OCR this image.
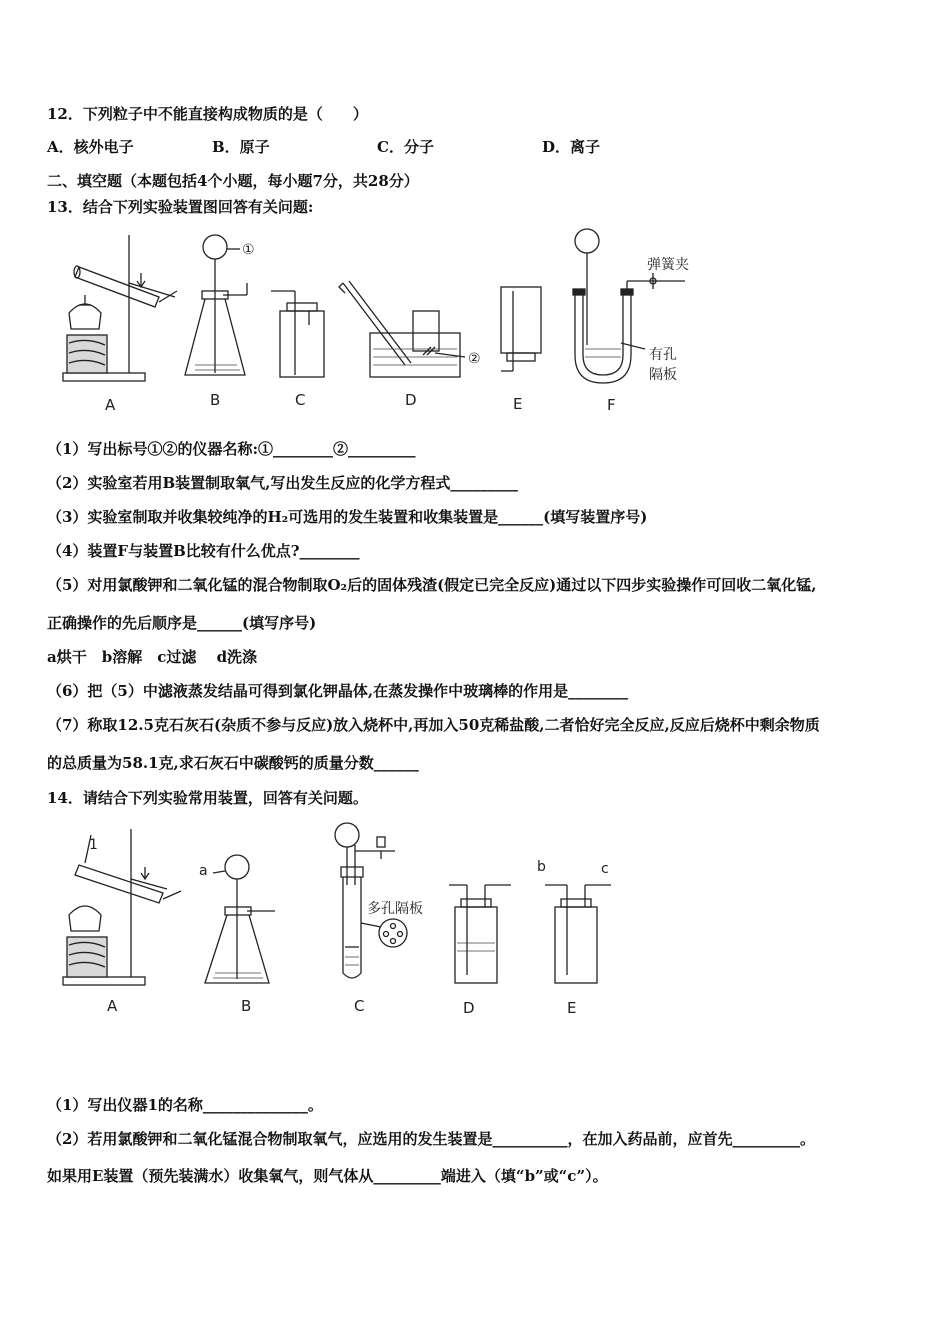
12．下列粒子中不能直接构成物质的是（　　）
A．核外电子	B．原子	C．分子	D．离子
二、填空题（本题包括4个小题，每小题7分，共28分）
13．结合下列实验装置图回答有关问题:
A	B	C	D	E	F
①
②
弹簧夹
有孔
隔板
（1）写出标号①②的仪器名称:①________②_________
（2）实验室若用B装置制取氧气,写出发生反应的化学方程式_________
（3）实验室制取并收集较纯净的H₂可选用的发生装置和收集装置是______(填写装置序号)
（4）装置F与装置B比较有什么优点?________
（5）对用氯酸钾和二氧化锰的混合物制取O₂后的固体残渣(假定已完全反应)通过以下四步实验操作可回收二氧化锰,
正确操作的先后顺序是______(填写序号)
a烘干　b溶解　c过滤　 d洗涤
（6）把（5）中滤液蒸发结晶可得到氯化钾晶体,在蒸发操作中玻璃棒的作用是________
（7）称取12.5克石灰石(杂质不参与反应)放入烧杯中,再加入50克稀盐酸,二者恰好完全反应,反应后烧杯中剩余物质
的总质量为58.1克,求石灰石中碳酸钙的质量分数______
14．请结合下列实验常用装置，回答有关问题。
A	B	C	D	E
1
a	b	c
多孔隔板
（1）写出仪器1的名称______________。
（2）若用氯酸钾和二氧化锰混合物制取氧气，应选用的发生装置是__________，在加入药品前，应首先_________。
如果用E装置（预先装满水）收集氧气，则气体从_________端进入（填“b”或“c”）。
